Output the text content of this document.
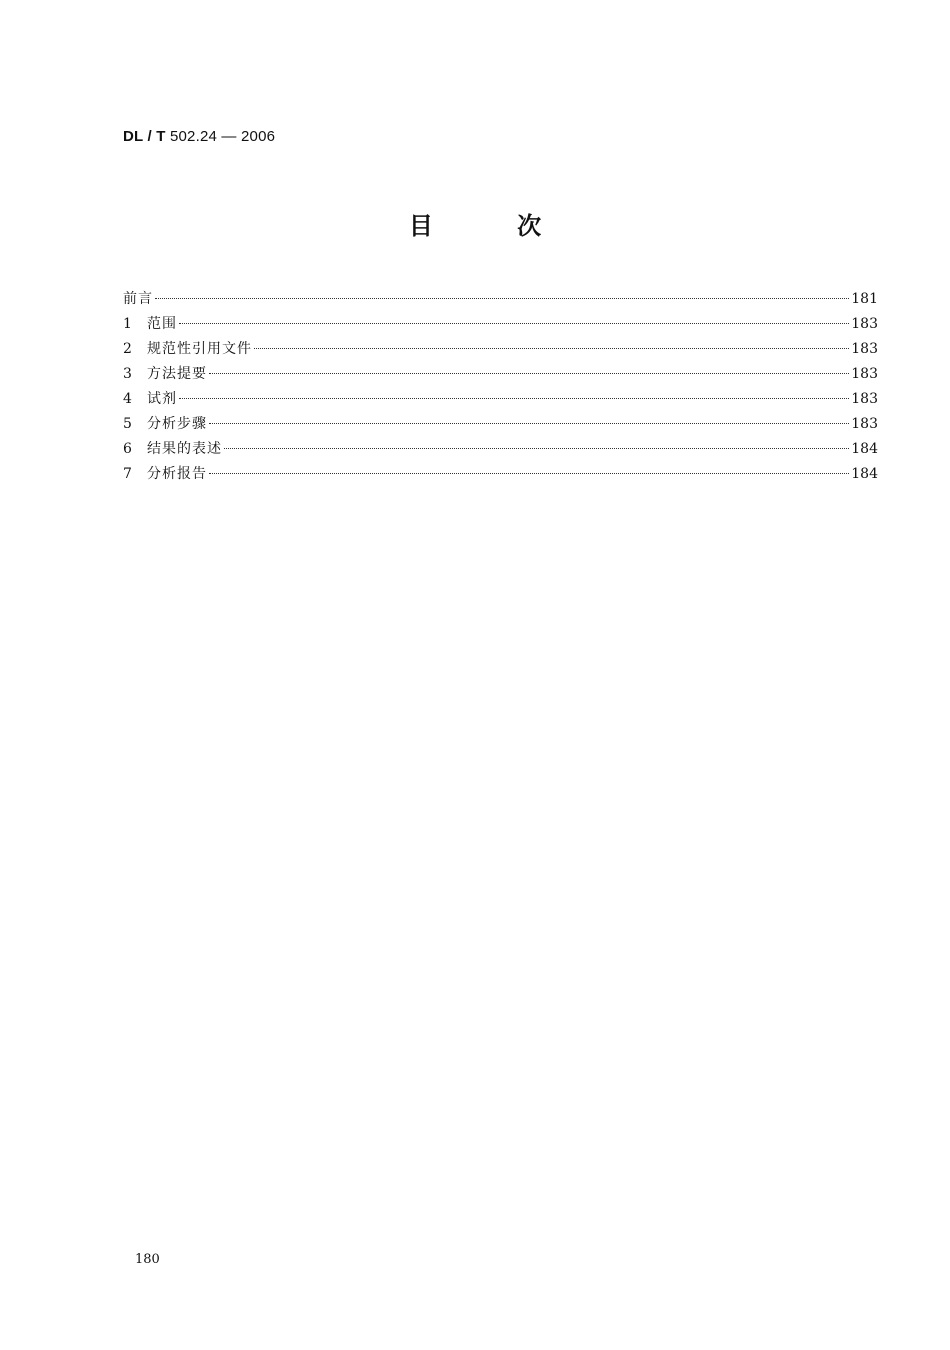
DL / T 502.24 — 2006
目 次
前言	181
1	范围	183
2	规范性引用文件	183
3	方法提要	183
4	试剂	183
5	分析步骤	183
6	结果的表述	184
7	分析报告	184
180
